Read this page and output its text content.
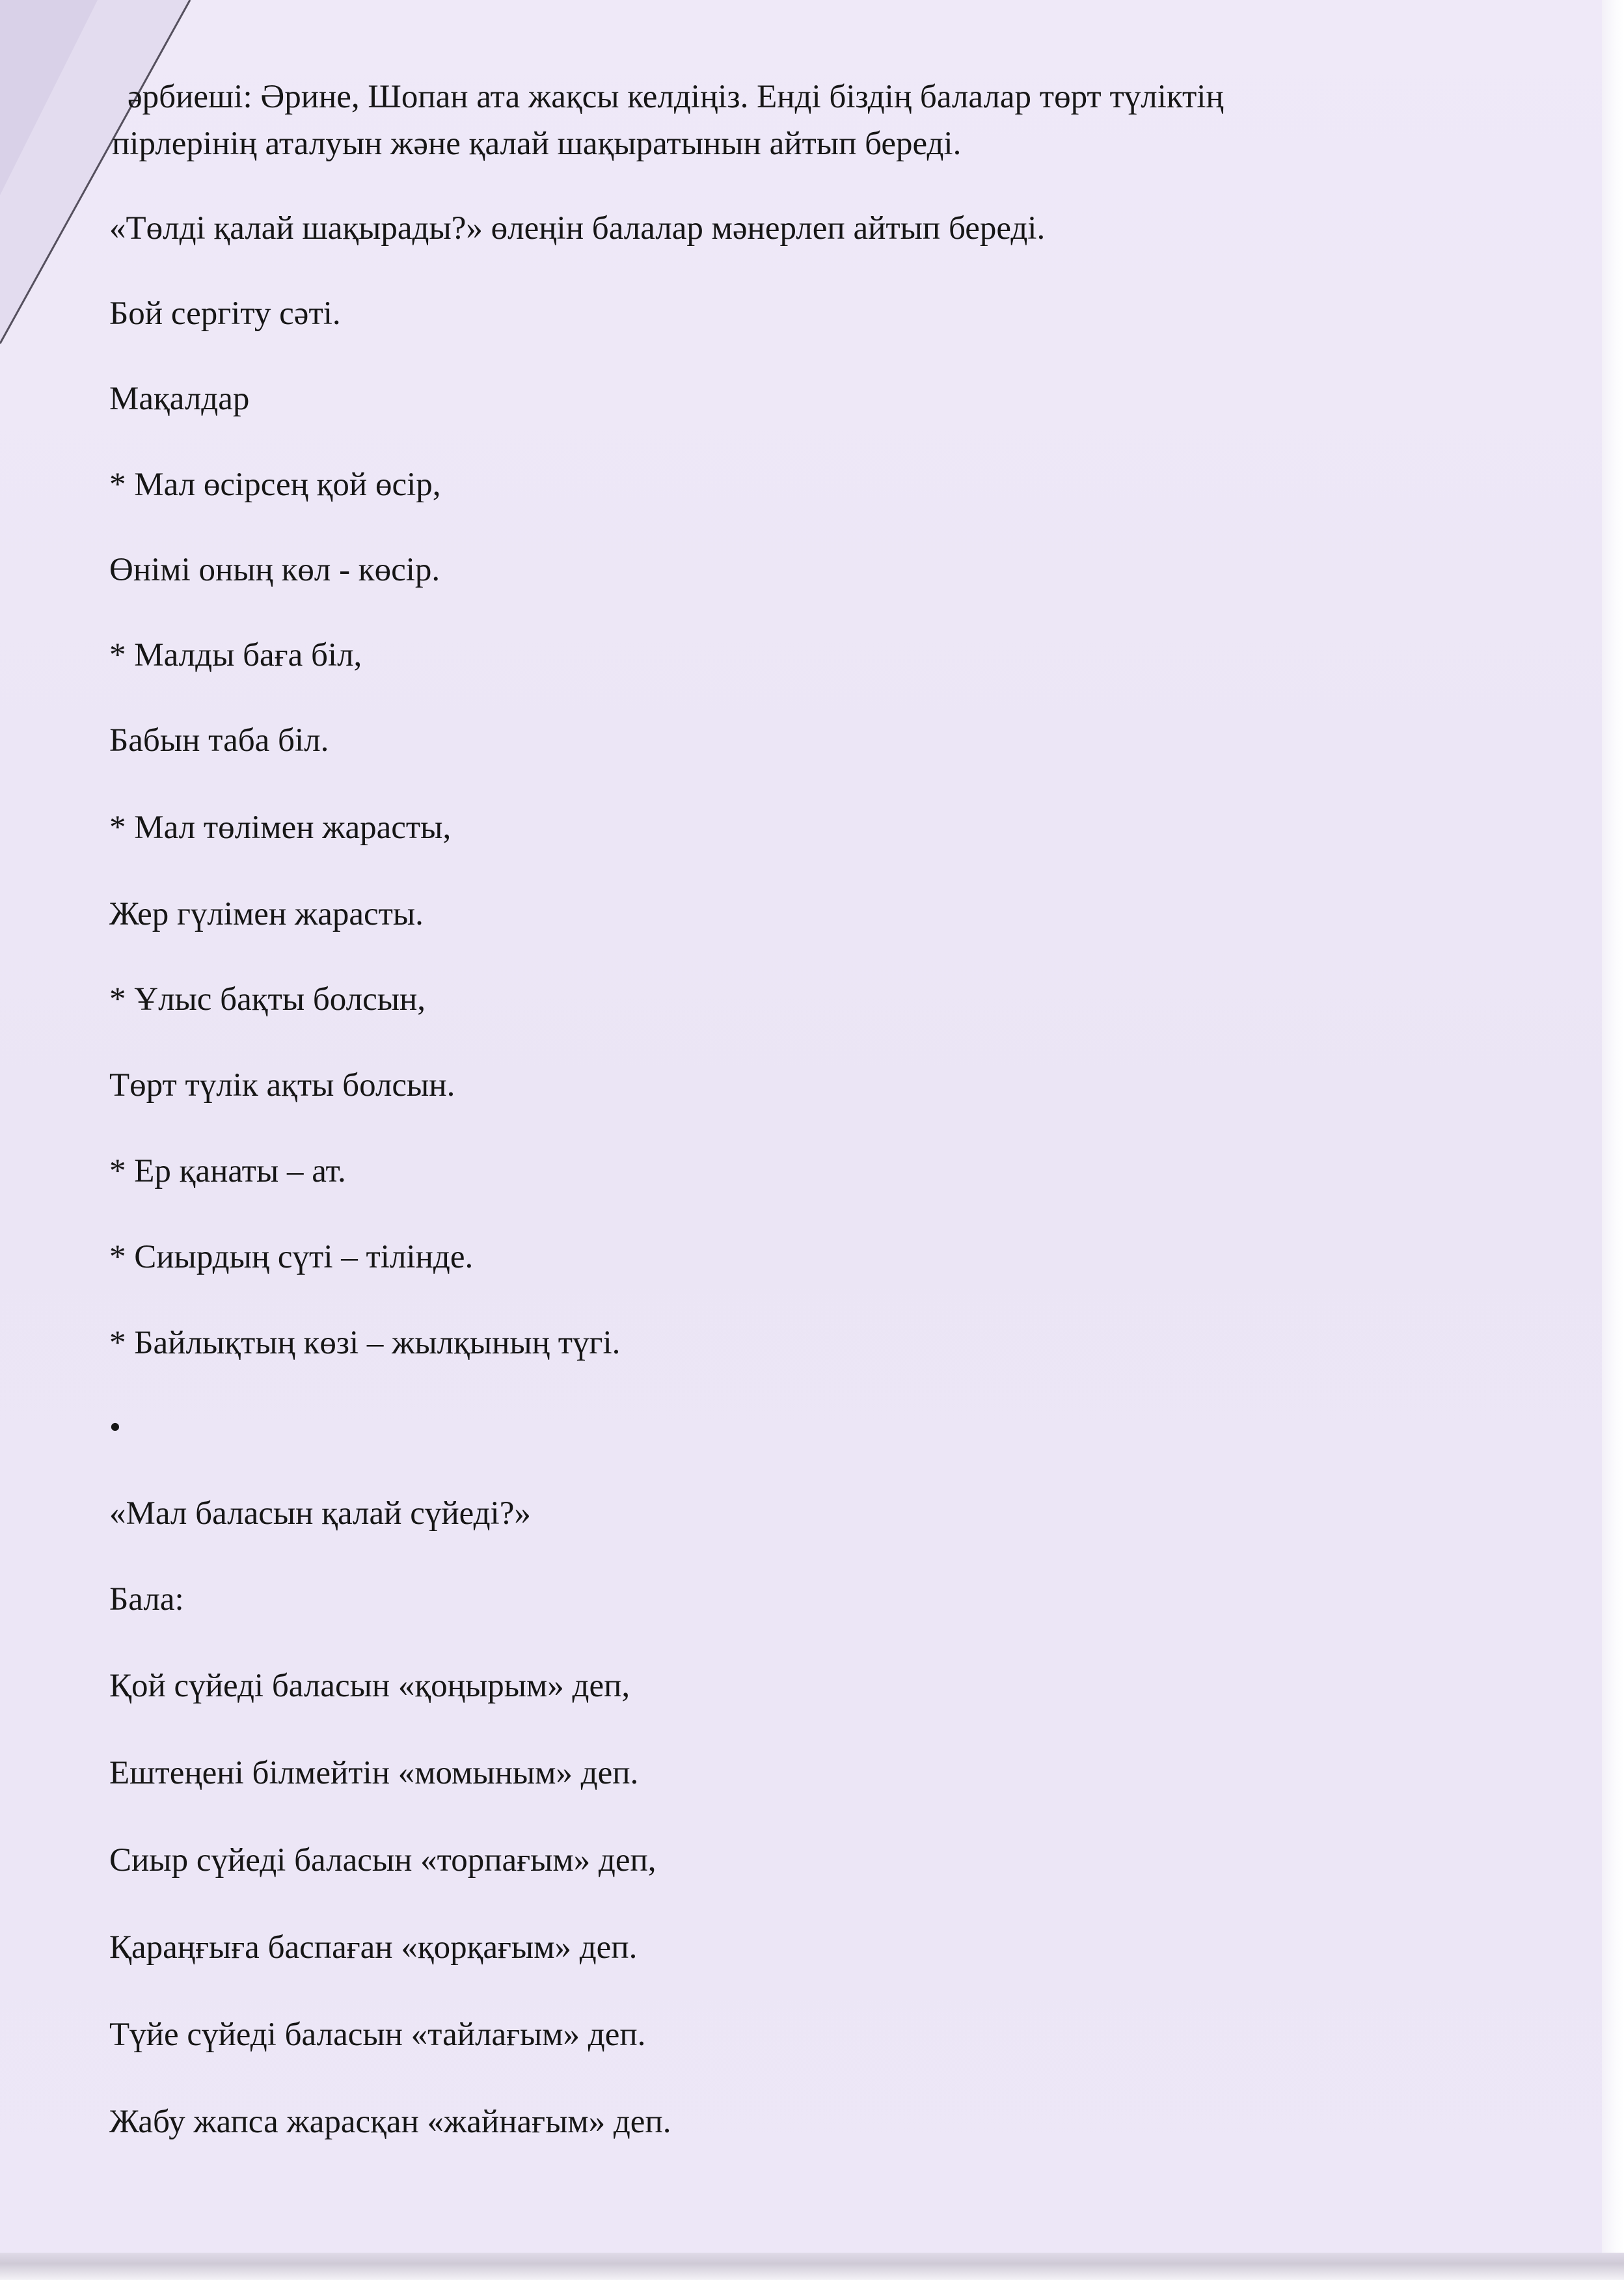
әрбиеші: Әрине, Шопан ата жақсы келдіңіз. Енді біздің балалар төрт түліктің
пірлерінің аталуын және қалай шақыратынын айтып береді.
«Төлді қалай шақырады?» өлеңін балалар мәнерлеп айтып береді.
Бой сергіту сәті.
Мақалдар
* Мал өсірсең қой өсір,
Өнімі оның көл - көсір.
* Малды баға біл,
Бабын таба біл.
* Мал төлімен жарасты,
Жер гүлімен жарасты.
* Ұлыс бақты болсын,
Төрт түлік ақты болсын.
* Ер қанаты – ат.
* Сиырдың сүті – тілінде.
* Байлықтың көзі – жылқының түгі.
•
«Мал баласын қалай сүйеді?»
Бала:
Қой сүйеді баласын «қоңырым» деп,
Ештеңені білмейтін «момыным» деп.
Сиыр сүйеді баласын «торпағым» деп,
Қараңғыға баспаған «қорқағым» деп.
Түйе сүйеді баласын «тайлағым» деп.
Жабу жапса жарасқан «жайнағым» деп.
